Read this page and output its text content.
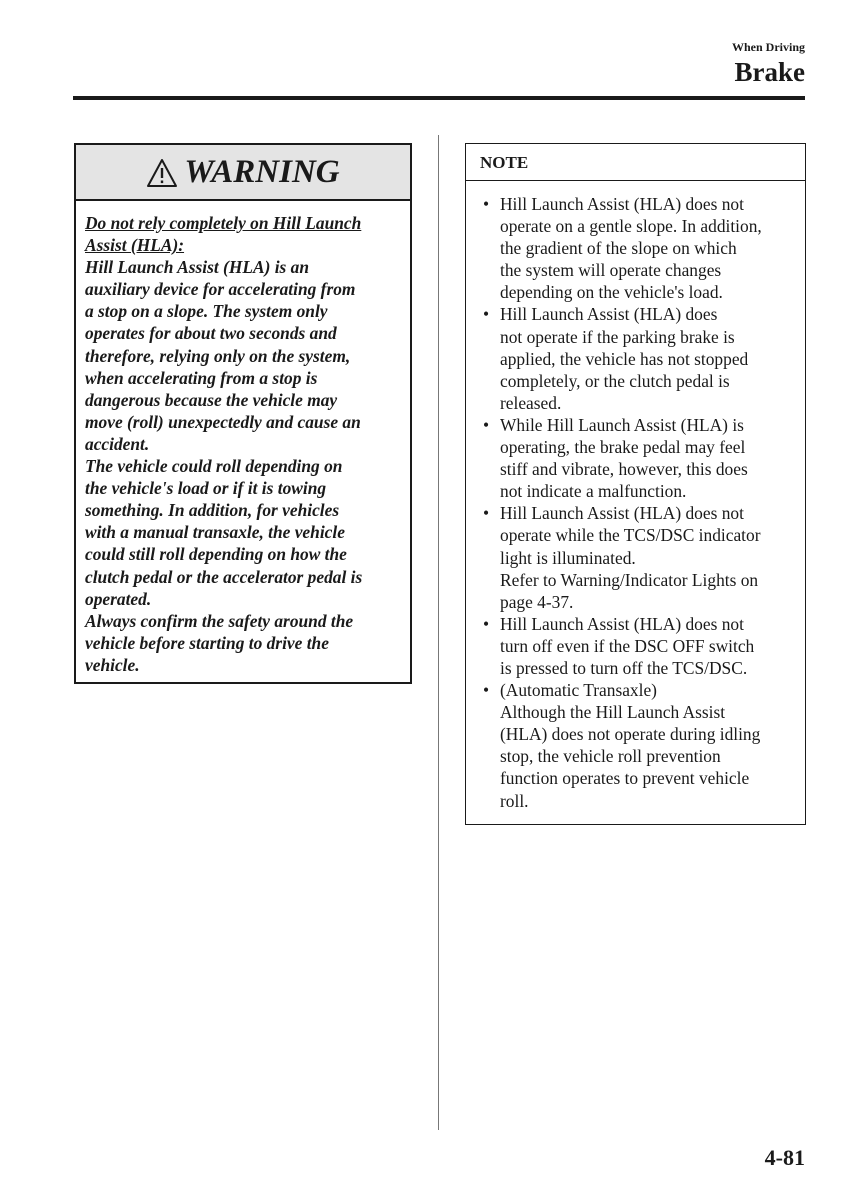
When Driving
Brake
WARNING
Do not rely completely on Hill Launch
Assist (HLA):
Hill Launch Assist (HLA) is an
auxiliary device for accelerating from
a stop on a slope. The system only
operates for about two seconds and
therefore, relying only on the system,
when accelerating from a stop is
dangerous because the vehicle may
move (roll) unexpectedly and cause an
accident.
The vehicle could roll depending on
the vehicle's load or if it is towing
something. In addition, for vehicles
with a manual transaxle, the vehicle
could still roll depending on how the
clutch pedal or the accelerator pedal is
operated.
Always confirm the safety around the
vehicle before starting to drive the
vehicle.
NOTE
• Hill Launch Assist (HLA) does not
operate on a gentle slope. In addition,
the gradient of the slope on which
the system will operate changes
depending on the vehicle's load.
• Hill Launch Assist (HLA) does
not operate if the parking brake is
applied, the vehicle has not stopped
completely, or the clutch pedal is
released.
• While Hill Launch Assist (HLA) is
operating, the brake pedal may feel
stiff and vibrate, however, this does
not indicate a malfunction.
• Hill Launch Assist (HLA) does not
operate while the TCS/DSC indicator
light is illuminated.
Refer to Warning/Indicator Lights on
page 4-37.
• Hill Launch Assist (HLA) does not
turn off even if the DSC OFF switch
is pressed to turn off the TCS/DSC.
• (Automatic Transaxle)
Although the Hill Launch Assist
(HLA) does not operate during idling
stop, the vehicle roll prevention
function operates to prevent vehicle
roll.
4-81
